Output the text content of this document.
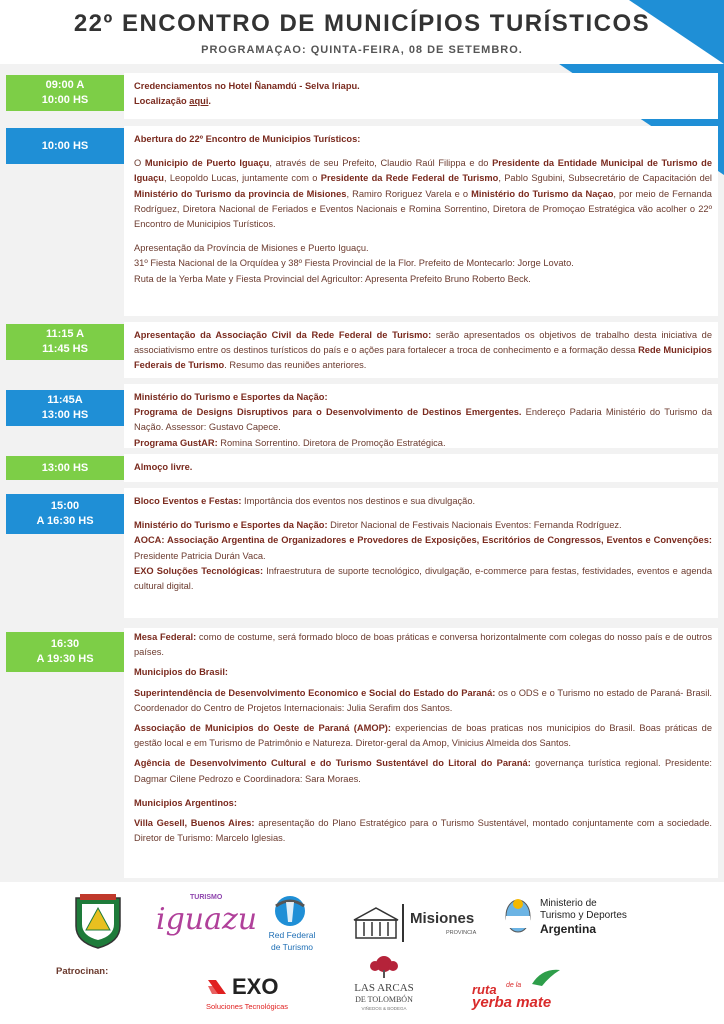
22º ENCONTRO DE MUNICÍPIOS TURÍSTICOS
PROGRAMAÇAO: QUINTA-FEIRA, 08 DE SETEMBRO.
09:00 A
10:00 HS

Credenciamentos no Hotel Ñanamdú - Selva Iriapu.

Localização aqui.

10:00 HS

Abertura do 22º Encontro de Municipios Turísticos:

O Municipio de Puerto Iguaçu, através de seu Prefeito, Claudio Raúl Filippa e do Presidente da Entidade Municipal de Turismo de Iguaçu, Leopoldo Lucas, juntamente com o Presidente da Rede Federal de Turismo, Pablo Sgubini, Subsecretário de Capacitación del Ministério do Turismo da provincia de Misiones, Ramiro Roriguez Varela e o Ministério do Turismo da Naçao, por meio de Fernanda Rodríguez, Diretora Nacional de Feriados e Eventos Nacionais e Romina Sorrentino, Diretora de Promoçao Estratégica vão acolher o 22º Encontro de Municipios Turísticos.

Apresentação da Província de Misiones e Puerto Iguaçu.

31º Fiesta Nacional de la Orquídea y 38º Fiesta Provincial de la Flor. Prefeito de Montecarlo: Jorge Lovato.

Ruta de la Yerba Mate y Fiesta Provincial del Agricultor: Apresenta Prefeito Bruno Roberto Beck.

11:15 A
11:45 HS

Apresentação da Associação Civil da Rede Federal de Turismo: serão apresentados os objetivos de trabalho desta iniciativa de associativismo entre os destinos turísticos do país e o ações para fortalecer a troca de conhecimento e a formação dessa Rede Municipios Federais de Turismo. Resumo das reuniões anteriores.

11:45A
13:00 HS

Ministério do Turismo e Esportes da Nação:

Programa de Designs Disruptivos para o Desenvolvimento de Destinos Emergentes. Endereço Padaria Ministério do Turismo da Nação. Assessor: Gustavo Capece.

Programa GustAR: Romina Sorrentino. Diretora de Promoção Estratégica.

13:00 HS	Almoço livre.

15:00
A 16:30 HS

Bloco Eventos e Festas: Importância dos eventos nos destinos e sua divulgação.

Ministério do Turismo e Esportes da Nação: Diretor Nacional de Festivais Nacionais Eventos: Fernanda Rodríguez.

AOCA: Associação Argentina de Organizadores e Provedores de Exposições, Escritórios de Congressos, Eventos e Convenções: Presidente Patricia Durán Vaca.

EXO Soluções Tecnológicas: Infraestrutura de suporte tecnológico, divulgação, e-commerce para festas, festividades, eventos e agenda cultural digital.

16:30
A 19:30 HS

Mesa Federal: como de costume, será formado bloco de boas práticas e conversa horizontalmente com colegas do nosso país e de outros países.

Municipios do Brasil:

Superintendência de Desenvolvimento Economico e Social do Estado do Paraná: os o ODS e o Turismo no estado de Paraná- Brasil. Coordenador do Centro de Projetos Internacionais: Julia Serafim dos Santos.

Associação de Municipios do Oeste de Paraná (AMOP): experiencias de boas praticas nos municipios do Brasil. Boas práticas de gestão local e em Turismo de Patrimônio e Natureza. Diretor-geral da Amop, Vinicius Almeida dos Santos.

Agência de Desenvolvimento Cultural e do Turismo Sustentável do Litoral do Paraná: governança turística regional. Presidente: Dagmar Cilene Pedrozo e Coordinadora: Sara Moraes.

Municipios Argentinos:

Villa Gesell, Buenos Aires: apresentação do Plano Estratégico para o Turismo Sustentável, montado conjuntamente com a sociedade. Diretor de Turismo: Marcelo Iglesias.

TURISMO
iguazu	Red Federal
de Turismo
Misiones
PROVINCIA
Ministerio de
Turismo y Deportes
Argentina
Patrocinan:
EXO
Soluciones Tecnológicas
LAS ARCAS
DE TOLOMBÓN
VIÑEDOS & BODEGA
ruta de la
yerba mate
